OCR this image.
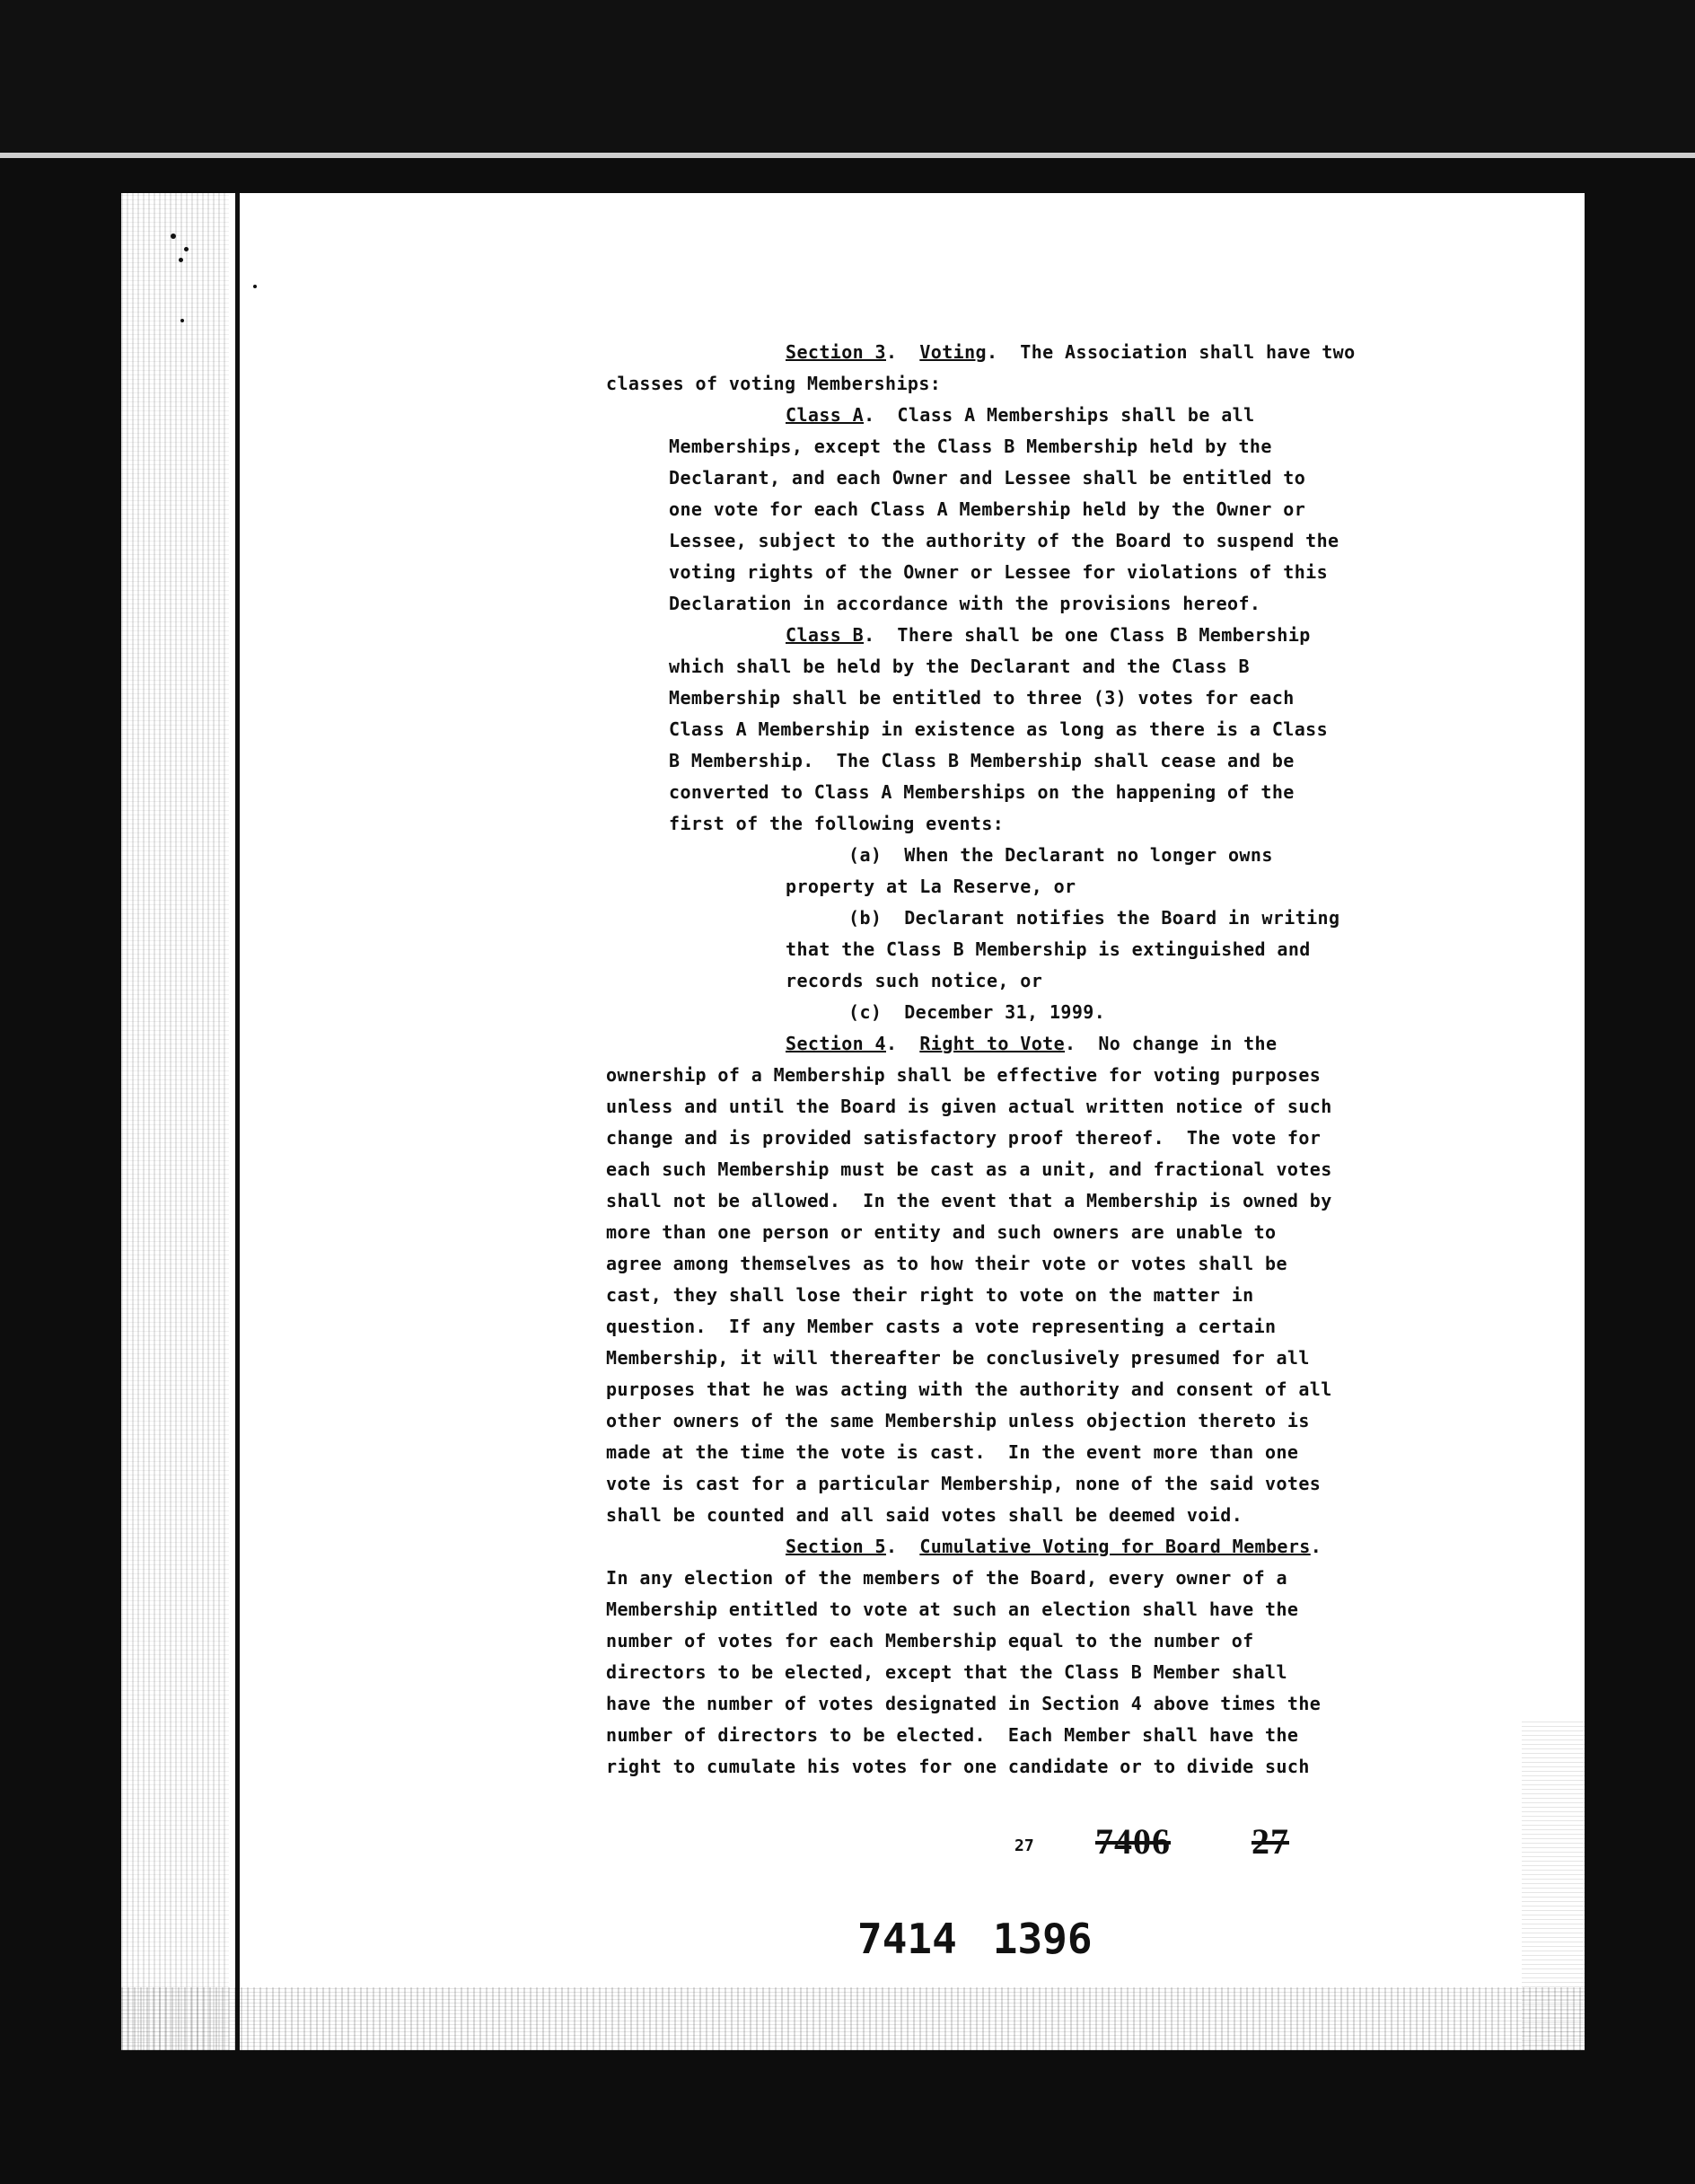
Section 3.  Voting.  The Association shall have two
classes of voting Memberships:
Class A.  Class A Memberships shall be all
Memberships, except the Class B Membership held by the
Declarant, and each Owner and Lessee shall be entitled to
one vote for each Class A Membership held by the Owner or
Lessee, subject to the authority of the Board to suspend the
voting rights of the Owner or Lessee for violations of this
Declaration in accordance with the provisions hereof.
Class B.  There shall be one Class B Membership
which shall be held by the Declarant and the Class B
Membership shall be entitled to three (3) votes for each
Class A Membership in existence as long as there is a Class
B Membership.  The Class B Membership shall cease and be
converted to Class A Memberships on the happening of the
first of the following events:
(a)  When the Declarant no longer owns
property at La Reserve, or
(b)  Declarant notifies the Board in writing
that the Class B Membership is extinguished and
records such notice, or
(c)  December 31, 1999.
Section 4.  Right to Vote.  No change in the
ownership of a Membership shall be effective for voting purposes
unless and until the Board is given actual written notice of such
change and is provided satisfactory proof thereof.  The vote for
each such Membership must be cast as a unit, and fractional votes
shall not be allowed.  In the event that a Membership is owned by
more than one person or entity and such owners are unable to
agree among themselves as to how their vote or votes shall be
cast, they shall lose their right to vote on the matter in
question.  If any Member casts a vote representing a certain
Membership, it will thereafter be conclusively presumed for all
purposes that he was acting with the authority and consent of all
other owners of the same Membership unless objection thereto is
made at the time the vote is cast.  In the event more than one
vote is cast for a particular Membership, none of the said votes
shall be counted and all said votes shall be deemed void.
Section 5.  Cumulative Voting for Board Members.
In any election of the members of the Board, every owner of a
Membership entitled to vote at such an election shall have the
number of votes for each Membership equal to the number of
directors to be elected, except that the Class B Member shall
have the number of votes designated in Section 4 above times the
number of directors to be elected.  Each Member shall have the
right to cumulate his votes for one candidate or to divide such
27 7406 27
7414 1396
